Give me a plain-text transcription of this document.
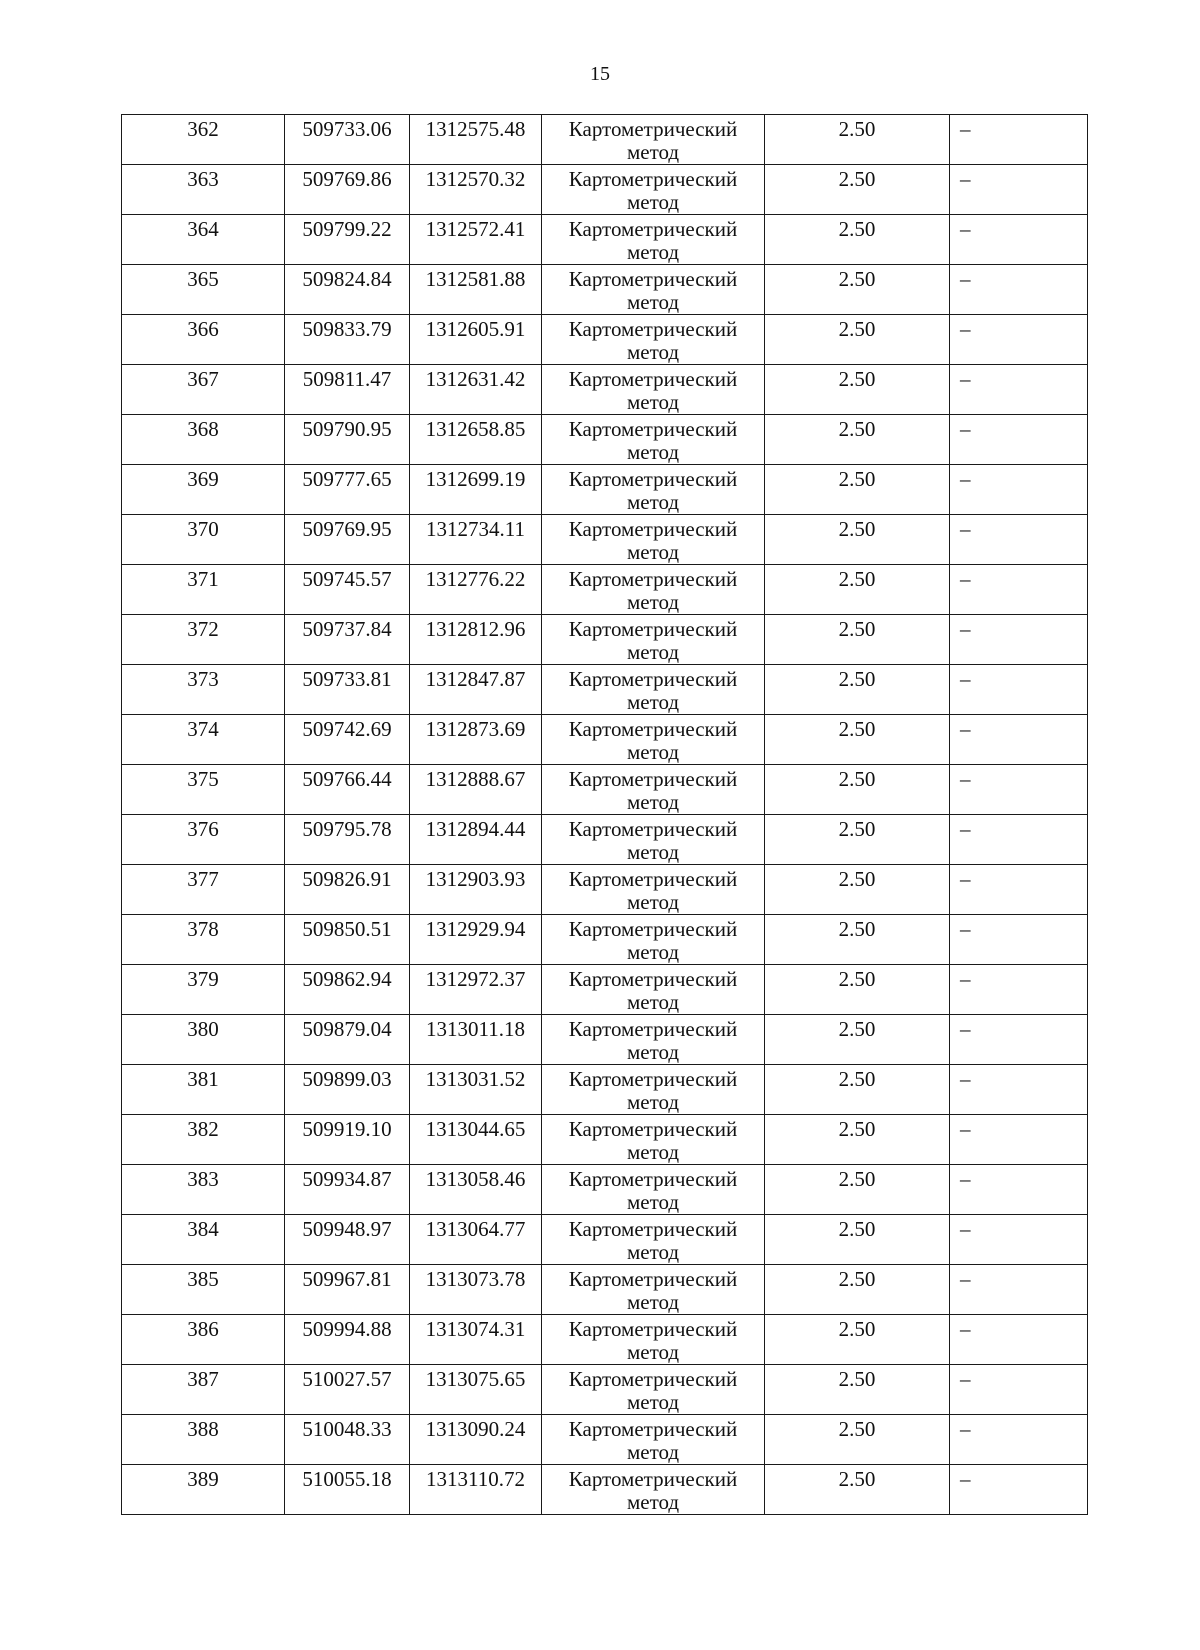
15
362	509733.06	1312575.48	Картометрический
метод	2.50	–
363	509769.86	1312570.32	Картометрический
метод	2.50	–
364	509799.22	1312572.41	Картометрический
метод	2.50	–
365	509824.84	1312581.88	Картометрический
метод	2.50	–
366	509833.79	1312605.91	Картометрический
метод	2.50	–
367	509811.47	1312631.42	Картометрический
метод	2.50	–
368	509790.95	1312658.85	Картометрический
метод	2.50	–
369	509777.65	1312699.19	Картометрический
метод	2.50	–
370	509769.95	1312734.11	Картометрический
метод	2.50	–
371	509745.57	1312776.22	Картометрический
метод	2.50	–
372	509737.84	1312812.96	Картометрический
метод	2.50	–
373	509733.81	1312847.87	Картометрический
метод	2.50	–
374	509742.69	1312873.69	Картометрический
метод	2.50	–
375	509766.44	1312888.67	Картометрический
метод	2.50	–
376	509795.78	1312894.44	Картометрический
метод	2.50	–
377	509826.91	1312903.93	Картометрический
метод	2.50	–
378	509850.51	1312929.94	Картометрический
метод	2.50	–
379	509862.94	1312972.37	Картометрический
метод	2.50	–
380	509879.04	1313011.18	Картометрический
метод	2.50	–
381	509899.03	1313031.52	Картометрический
метод	2.50	–
382	509919.10	1313044.65	Картометрический
метод	2.50	–
383	509934.87	1313058.46	Картометрический
метод	2.50	–
384	509948.97	1313064.77	Картометрический
метод	2.50	–
385	509967.81	1313073.78	Картометрический
метод	2.50	–
386	509994.88	1313074.31	Картометрический
метод	2.50	–
387	510027.57	1313075.65	Картометрический
метод	2.50	–
388	510048.33	1313090.24	Картометрический
метод	2.50	–
389	510055.18	1313110.72	Картометрический
метод	2.50	–
